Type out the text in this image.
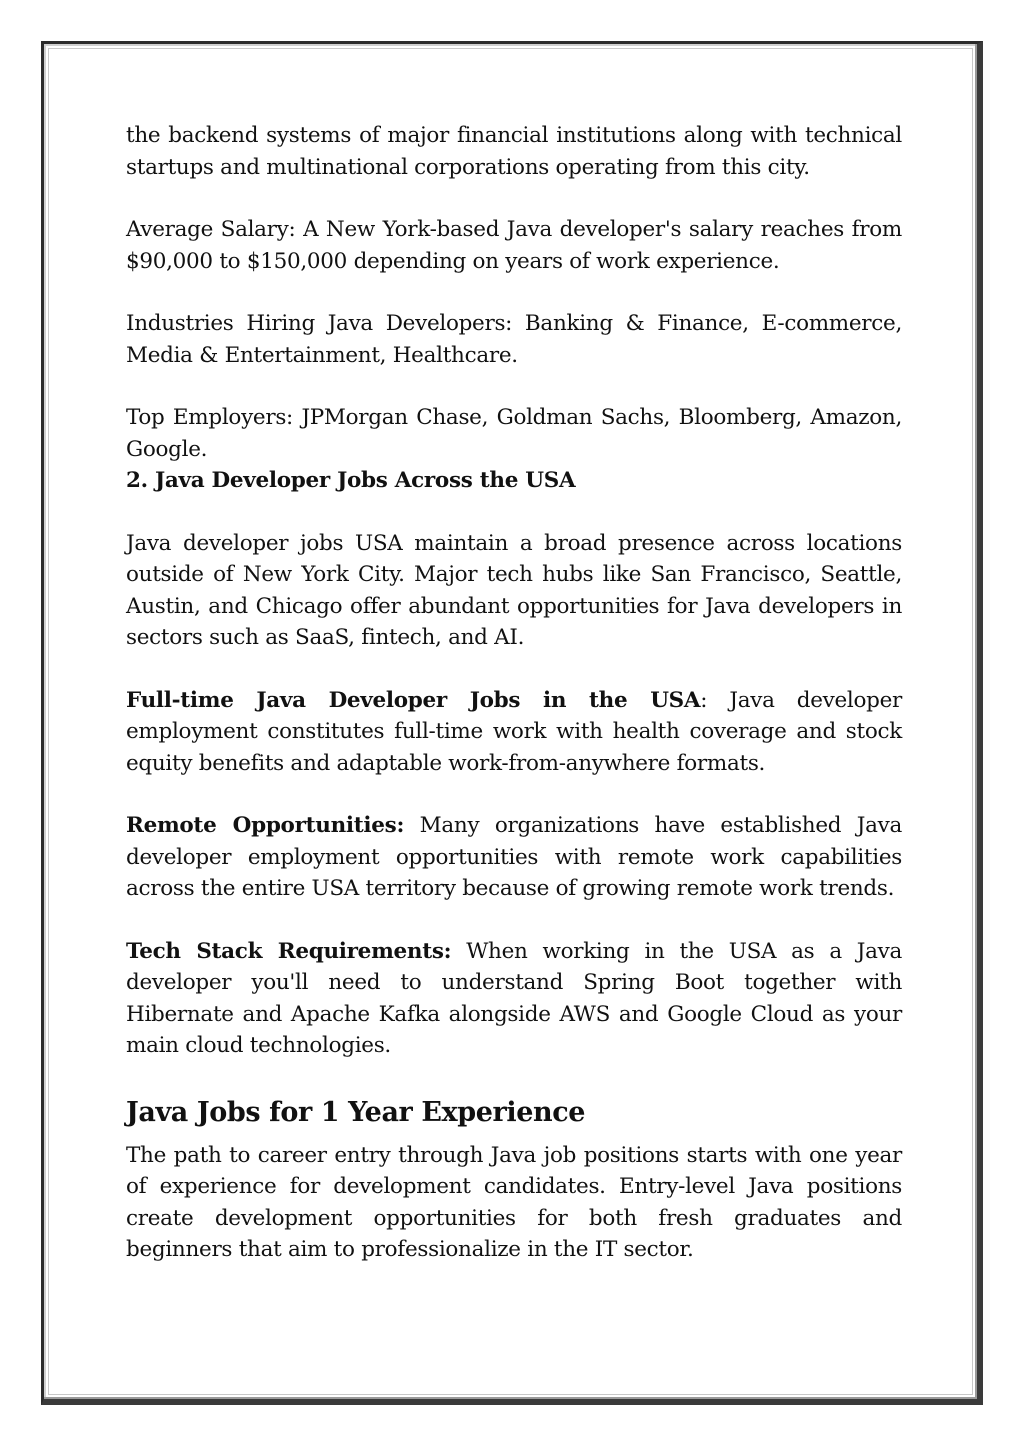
the backend systems of major financial institutions along with technical startups and multinational corporations operating from this city.

Average Salary: A New York-based Java developer's salary reaches from $90,000 to $150,000 depending on years of work experience.

Industries Hiring Java Developers: Banking & Finance, E-commerce, Media & Entertainment, Healthcare.

Top Employers: JPMorgan Chase, Goldman Sachs, Bloomberg, Amazon, Google.

2. Java Developer Jobs Across the USA

Java developer jobs USA maintain a broad presence across locations outside of New York City. Major tech hubs like San Francisco, Seattle, Austin, and Chicago offer abundant opportunities for Java developers in sectors such as SaaS, fintech, and AI.

Full-time Java Developer Jobs in the USA: Java developer employment constitutes full-time work with health coverage and stock equity benefits and adaptable work-from-anywhere formats.

Remote Opportunities: Many organizations have established Java developer employment opportunities with remote work capabilities across the entire USA territory because of growing remote work trends.

Tech Stack Requirements: When working in the USA as a Java developer you'll need to understand Spring Boot together with Hibernate and Apache Kafka alongside AWS and Google Cloud as your main cloud technologies.

Java Jobs for 1 Year Experience

The path to career entry through Java job positions starts with one year of experience for development candidates. Entry-level Java positions create development opportunities for both fresh graduates and beginners that aim to professionalize in the IT sector.
